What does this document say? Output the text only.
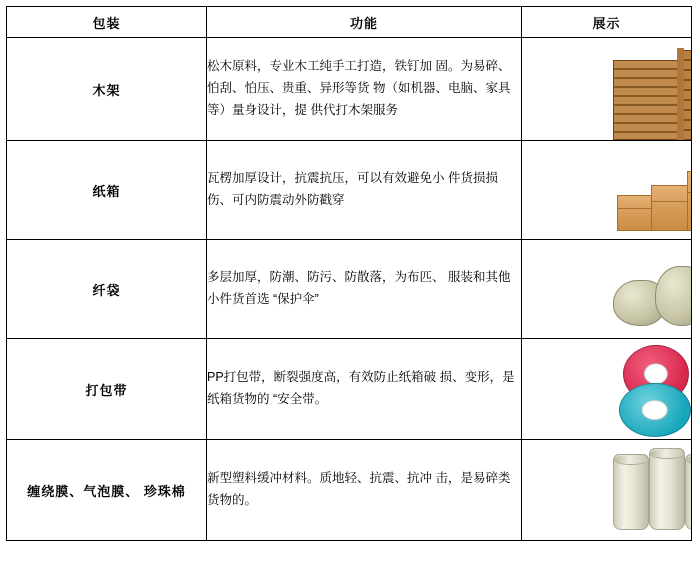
包装	功能	展示
木架	松木原料，专业木工纯手工打造，铁钉加 固。为易碎、怕刮、怕压、贵重、异形等货 物（如机器、电脑、家具等）量身设计，提 供代打木架服务	

纸箱	瓦楞加厚设计，抗震抗压，可以有效避免小 件货损损伤、可内防震动外防戳穿	

纤袋	多层加厚，防潮、防污、防散落，为布匹、 服装和其他小件货首选 “保护伞”	

打包带	PP打包带，断裂强度高，有效防止纸箱破 损、变形，是纸箱货物的 “安全带。	

缠绕膜、气泡膜、 珍珠棉	新型塑料缓冲材料。质地轻、抗震、抗冲 击，是易碎类货物的。	
